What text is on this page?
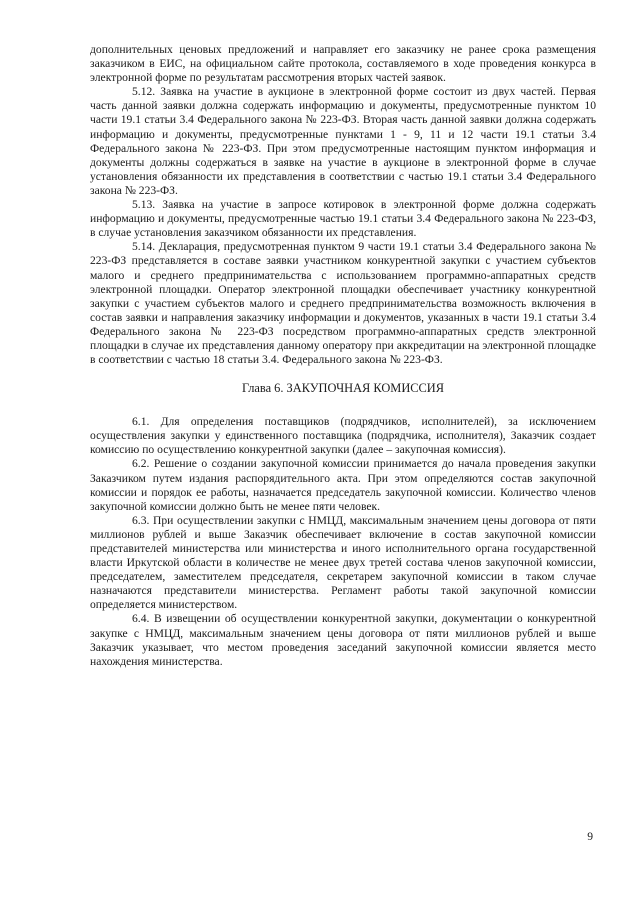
дополнительных ценовых предложений и направляет его заказчику не ранее срока размещения заказчиком в ЕИС, на официальном сайте протокола, составляемого в ходе проведения конкурса в электронной форме по результатам рассмотрения вторых частей заявок.

5.12. Заявка на участие в аукционе в электронной форме состоит из двух частей. Первая часть данной заявки должна содержать информацию и документы, предусмотренные пунктом 10 части 19.1 статьи 3.4 Федерального закона № 223-ФЗ. Вторая часть данной заявки должна содержать информацию и документы, предусмотренные пунктами 1 - 9, 11 и 12 части 19.1 статьи 3.4 Федерального закона № 223-ФЗ. При этом предусмотренные настоящим пунктом информация и документы должны содержаться в заявке на участие в аукционе в электронной форме в случае установления обязанности их представления в соответствии с частью 19.1 статьи 3.4 Федерального закона № 223-ФЗ.

5.13. Заявка на участие в запросе котировок в электронной форме должна содержать информацию и документы, предусмотренные частью 19.1 статьи 3.4 Федерального закона № 223-ФЗ, в случае установления заказчиком обязанности их представления.

5.14. Декларация, предусмотренная пунктом 9 части 19.1 статьи 3.4 Федерального закона № 223-ФЗ представляется в составе заявки участником конкурентной закупки с участием субъектов малого и среднего предпринимательства с использованием программно-аппаратных средств электронной площадки. Оператор электронной площадки обеспечивает участнику конкурентной закупки с участием субъектов малого и среднего предпринимательства возможность включения в состав заявки и направления заказчику информации и документов, указанных в части 19.1 статьи 3.4 Федерального закона № 223-ФЗ посредством программно-аппаратных средств электронной площадки в случае их представления данному оператору при аккредитации на электронной площадке в соответствии с частью 18 статьи 3.4. Федерального закона № 223-ФЗ.

Глава 6. ЗАКУПОЧНАЯ КОМИССИЯ

6.1. Для определения поставщиков (подрядчиков, исполнителей), за исключением осуществления закупки у единственного поставщика (подрядчика, исполнителя), Заказчик создает комиссию по осуществлению конкурентной закупки (далее – закупочная комиссия).

6.2. Решение о создании закупочной комиссии принимается до начала проведения закупки Заказчиком путем издания распорядительного акта. При этом определяются состав закупочной комиссии и порядок ее работы, назначается председатель закупочной комиссии. Количество членов закупочной комиссии должно быть не менее пяти человек.

6.3. При осуществлении закупки с НМЦД, максимальным значением цены договора от пяти миллионов рублей и выше Заказчик обеспечивает включение в состав закупочной комиссии представителей министерства или министерства и иного исполнительного органа государственной власти Иркутской области в количестве не менее двух третей состава членов закупочной комиссии, председателем, заместителем председателя, секретарем закупочной комиссии в таком случае назначаются представители министерства. Регламент работы такой закупочной комиссии определяется министерством.

6.4. В извещении об осуществлении конкурентной закупки, документации о конкурентной закупке с НМЦД, максимальным значением цены договора от пяти миллионов рублей и выше Заказчик указывает, что местом проведения заседаний закупочной комиссии является место нахождения министерства.

9
